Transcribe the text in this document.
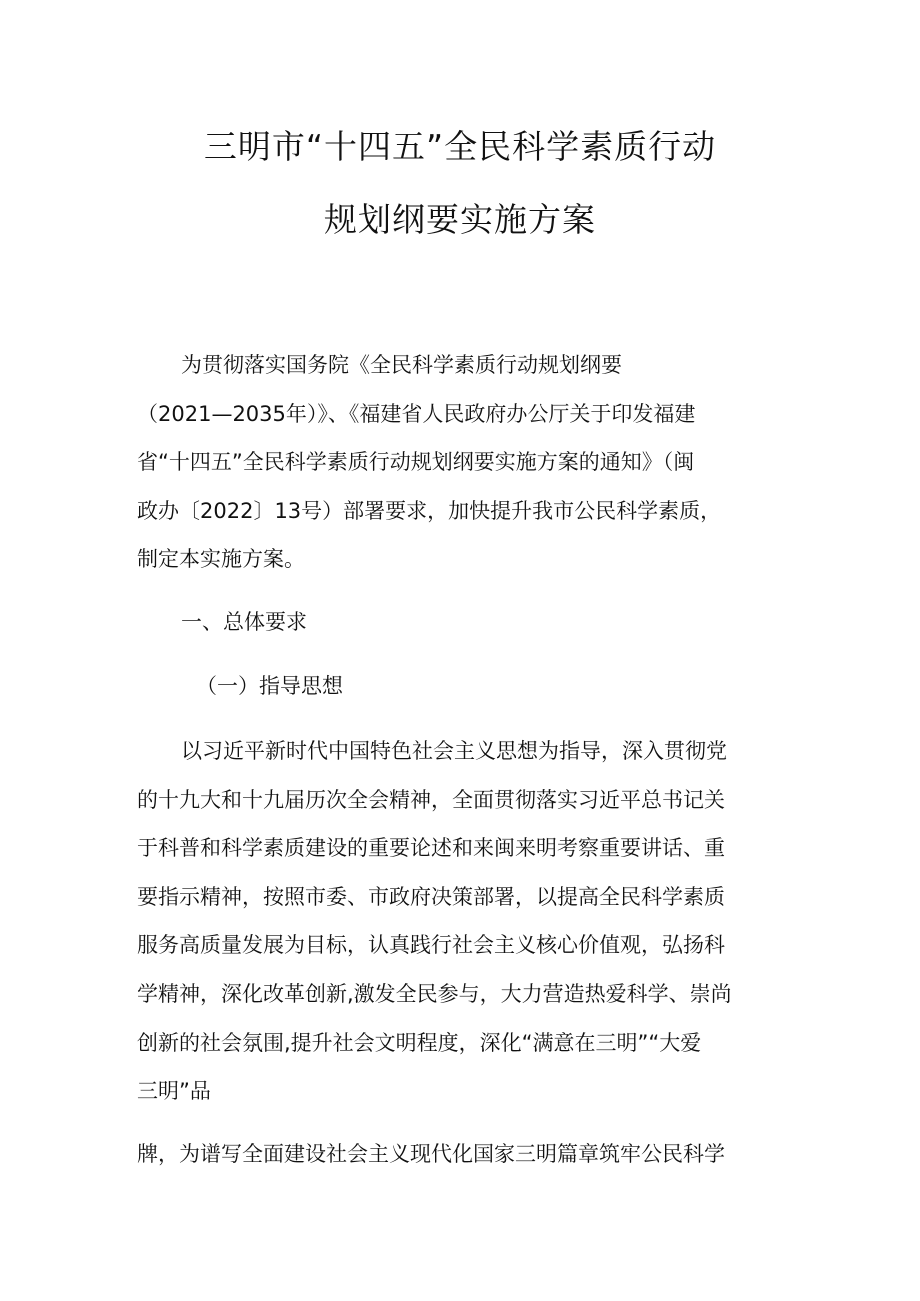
三明市“十四五”全民科学素质行动
规划纲要实施方案
为贯彻落实国务院《全民科学素质行动规划纲要
（2021—2035年）》、《福建省人民政府办公厅关于印发福建
省“十四五”全民科学素质行动规划纲要实施方案的通知》（闽
政办〔2022〕13号）部署要求，加快提升我市公民科学素质，
制定本实施方案。
一、总体要求
（一）指导思想
以习近平新时代中国特色社会主义思想为指导，深入贯彻党
的十九大和十九届历次全会精神，全面贯彻落实习近平总书记关
于科普和科学素质建设的重要论述和来闽来明考察重要讲话、重
要指示精神，按照市委、市政府决策部署，以提高全民科学素质
服务高质量发展为目标，认真践行社会主义核心价值观，弘扬科
学精神，深化改革创新,激发全民参与，大力营造热爱科学、崇尚
创新的社会氛围,提升社会文明程度，深化“满意在三明”“大爱
三明”品
牌，为谱写全面建设社会主义现代化国家三明篇章筑牢公民科学
